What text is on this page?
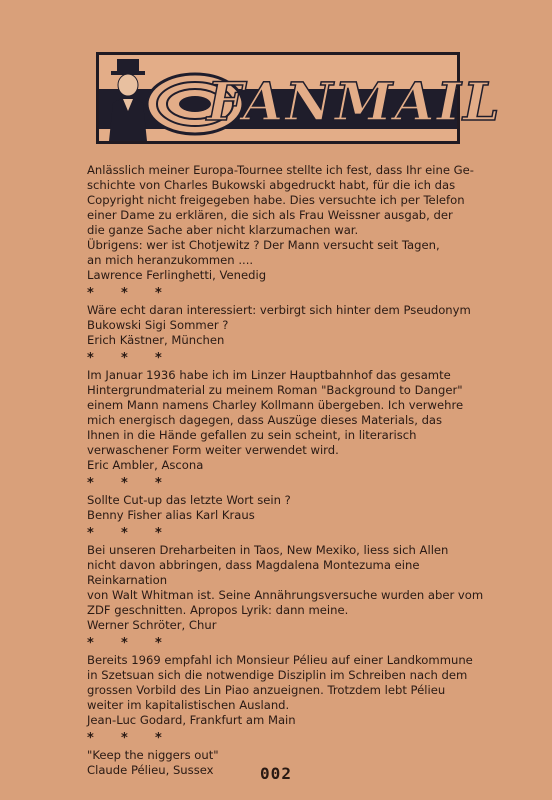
FANMAIL

Anlässlich meiner Europa-Tournee stellte ich fest, dass Ihr eine Ge-
schichte von Charles Bukowski abgedruckt habt, für die ich das
Copyright nicht freigegeben habe. Dies versuchte ich per Telefon
einer Dame zu erklären, die sich als Frau Weissner ausgab, der
die ganze Sache aber nicht klarzumachen war.
Übrigens: wer ist Chotjewitz ? Der Mann versucht seit Tagen,
an mich heranzukommen ....

Lawrence Ferlinghetti, Venedig

* * *

Wäre echt daran interessiert: verbirgt sich hinter dem Pseudonym
Bukowski Sigi Sommer ?

Erich Kästner, München

* * *

Im Januar 1936 habe ich im Linzer Hauptbahnhof das gesamte
Hintergrundmaterial zu meinem Roman "Background to Danger"
einem Mann namens Charley Kollmann übergeben. Ich verwehre
mich energisch dagegen, dass Auszüge dieses Materials, das
Ihnen in die Hände gefallen zu sein scheint, in literarisch
verwaschener Form weiter verwendet wird.

Eric Ambler, Ascona

* * *

Sollte Cut-up das letzte Wort sein ?

Benny Fisher alias Karl Kraus

* * *

Bei unseren Dreharbeiten in Taos, New Mexiko, liess sich Allen
nicht davon abbringen, dass Magdalena Montezuma eine Reinkarnation
von Walt Whitman ist. Seine Annährungsversuche wurden aber vom
ZDF geschnitten. Apropos Lyrik: dann meine.

Werner Schröter, Chur

* * *

Bereits 1969 empfahl ich Monsieur Pélieu auf einer Landkommune
in Szetsuan sich die notwendige Disziplin im Schreiben nach dem
grossen Vorbild des Lin Piao anzueignen. Trotzdem lebt Pélieu
weiter im kapitalistischen Ausland.

Jean-Luc Godard, Frankfurt am Main

* * *

"Keep the niggers out"

Claude Pélieu, Sussex	002
